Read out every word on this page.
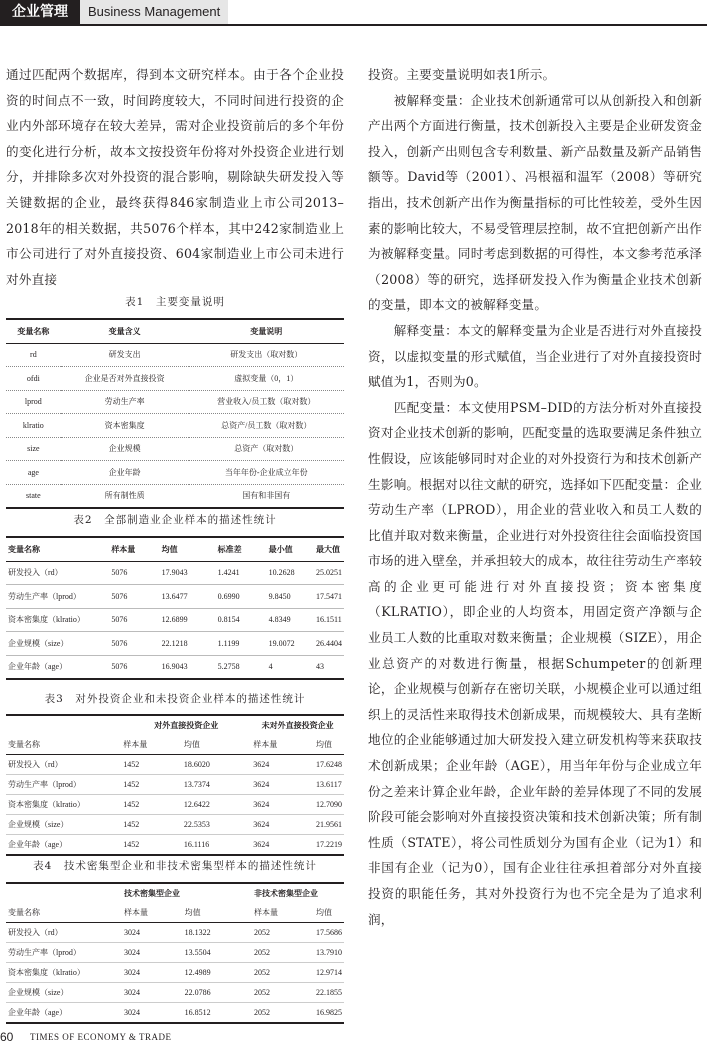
企业管理	Business Management

通过匹配两个数据库，得到本文研究样本。由于各个企业投资的时间点不一致，时间跨度较大，不同时间进行投资的企业内外部环境存在较大差异，需对企业投资前后的多个年份的变化进行分析，故本文按投资年份将对外投资企业进行划分，并排除多次对外投资的混合影响，剔除缺失研发投入等关键数据的企业，最终获得846家制造业上市公司2013–2018年的相关数据，共5076个样本，其中242家制造业上市公司进行了对外直接投资、604家制造业上市公司未进行对外直接

表1　主要变量说明
变量名称	变量含义	变量说明
rd	研发支出	研发支出（取对数）
ofdi	企业是否对外直接投资	虚拟变量（0，1）
lprod	劳动生产率	营业收入/员工数（取对数）
klratio	资本密集度	总资产/员工数（取对数）
size	企业规模	总资产（取对数）
age	企业年龄	当年年份-企业成立年份
state	所有制性质	国有和非国有
表2　全部制造业企业样本的描述性统计
变量名称	样本量	均值	标准差	最小值	最大值
研发投入（rd）	5076	17.9043	1.4241	10.2628	25.0251
劳动生产率（lprod）	5076	13.6477	0.6990	9.8450	17.5471
资本密集度（klratio）	5076	12.6899	0.8154	4.8349	16.1511
企业规模（size）	5076	22.1218	1.1199	19.0072	26.4404
企业年龄（age）	5076	16.9043	5.2758	4	43
表3　对外投资企业和未投资企业样本的描述性统计
	对外直接投资企业		未对外直接投资企业	
变量名称	样本量	均值	样本量	均值
研发投入（rd）	1452	18.6020	3624	17.6248
劳动生产率（lprod）	1452	13.7374	3624	13.6117
资本密集度（klratio）	1452	12.6422	3624	12.7090
企业规模（size）	1452	22.5353	3624	21.9561
企业年龄（age）	1452	16.1116	3624	17.2219
表4　技术密集型企业和非技术密集型样本的描述性统计
	技术密集型企业		非技术密集型企业	
变量名称	样本量	均值	样本量	均值
研发投入（rd）	3024	18.1322	2052	17.5686
劳动生产率（lprod）	3024	13.5504	2052	13.7910
资本密集度（klratio）	3024	12.4989	2052	12.9714
企业规模（size）	3024	22.0786	2052	22.1855
企业年龄（age）	3024	16.8512	2052	16.9825

投资。主要变量说明如表1所示。

　　被解释变量：企业技术创新通常可以从创新投入和创新产出两个方面进行衡量，技术创新投入主要是企业研发资金投入，创新产出则包含专利数量、新产品数量及新产品销售额等。David等（2001）、冯根福和温军（2008）等研究指出，技术创新产出作为衡量指标的可比性较差，受外生因素的影响比较大，不易受管理层控制，故不宜把创新产出作为被解释变量。同时考虑到数据的可得性，本文参考范承泽（2008）等的研究，选择研发投入作为衡量企业技术创新的变量，即本文的被解释变量。

　　解释变量：本文的解释变量为企业是否进行对外直接投资，以虚拟变量的形式赋值，当企业进行了对外直接投资时赋值为1，否则为0。

　　匹配变量：本文使用PSM–DID的方法分析对外直接投资对企业技术创新的影响，匹配变量的选取要满足条件独立性假设，应该能够同时对企业的对外投资行为和技术创新产生影响。根据对以往文献的研究，选择如下匹配变量：企业劳动生产率（LPROD），用企业的营业收入和员工人数的比值并取对数来衡量，企业进行对外投资往往会面临投资国市场的进入壁垒，并承担较大的成本，故往往劳动生产率较高的企业更可能进行对外直接投资；资本密集度（KLRATIO），即企业的人均资本，用固定资产净额与企业员工人数的比重取对数来衡量；企业规模（SIZE），用企业总资产的对数进行衡量，根据Schumpeter的创新理论，企业规模与创新存在密切关联，小规模企业可以通过组织上的灵活性来取得技术创新成果，而规模较大、具有垄断地位的企业能够通过加大研发投入建立研发机构等来获取技术创新成果；企业年龄（AGE），用当年年份与企业成立年份之差来计算企业年龄，企业年龄的差异体现了不同的发展阶段可能会影响对外直接投资决策和技术创新决策；所有制性质（STATE），将公司性质划分为国有企业（记为1）和非国有企业（记为0），国有企业往往承担着部分对外直接投资的职能任务，其对外投资行为也不完全是为了追求利润，

60 TIMES OF ECONOMY & TRADE
